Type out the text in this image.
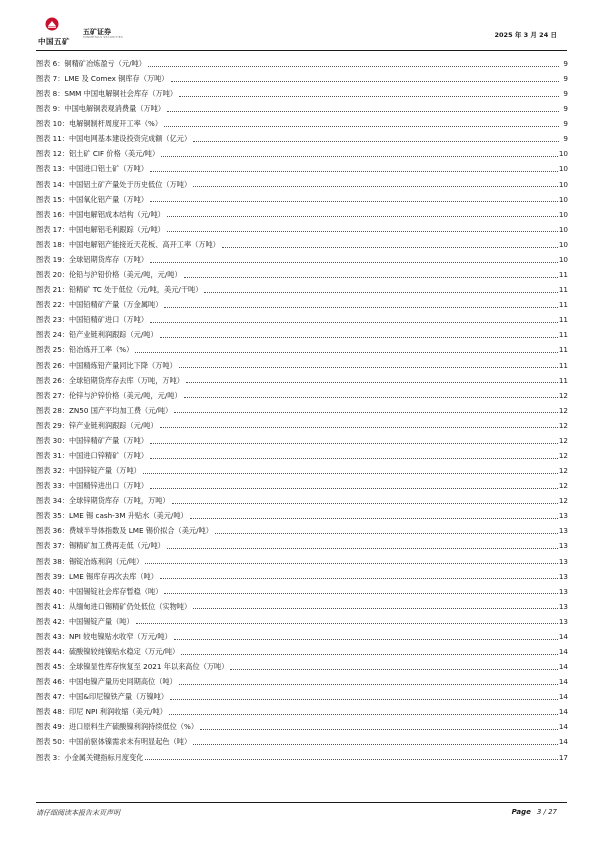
中国五矿
五矿证券
MINMETALS SECURITIES	2025 年 3 月 24 日
图表 6：铜精矿冶炼盈亏（元/吨）	9
图表 7：LME 及 Comex 铜库存（万吨）	9
图表 8：SMM 中国电解铜社会库存（万吨）	9
图表 9：中国电解铜表观消费量（万吨）	9
图表 10：电解铜制杆周度开工率（%）	9
图表 11：中国电网基本建设投资完成额（亿元）	9
图表 12：铝土矿 CIF 价格（美元/吨）	10
图表 13：中国进口铝土矿（万吨）	10
图表 14：中国铝土矿产量处于历史低位（万吨）	10
图表 15：中国氧化铝产量（万吨）	10
图表 16：中国电解铝成本结构（元/吨）	10
图表 17：中国电解铝毛利跟踪（元/吨）	10
图表 18：中国电解铝产能接近天花板、高开工率（万吨）	10
图表 19：全球铝期货库存（万吨）	10
图表 20：伦铅与沪铅价格（美元/吨，元/吨）	11
图表 21：铅精矿 TC 处于低位（元/吨，美元/干吨）	11
图表 22：中国铅精矿产量（万金属吨）	11
图表 23：中国铅精矿进口（万吨）	11
图表 24：铅产业链利润跟踪（元/吨）	11
图表 25：铅冶炼开工率（%）	11
图表 26：中国精炼铅产量同比下降（万吨）	11
图表 26：全球铅期货库存去库（万吨，万吨）	11
图表 27：伦锌与沪锌价格（美元/吨，元/吨）	12
图表 28：ZN50 国产平均加工费（元/吨）	12
图表 29：锌产业链利润跟踪（元/吨）	12
图表 30：中国锌精矿产量（万吨）	12
图表 31：中国进口锌精矿（万吨）	12
图表 32：中国锌锭产量（万吨）	12
图表 33：中国精锌进出口（万吨）	12
图表 34：全球锌期货库存（万吨，万吨）	12
图表 35：LME 锡 cash-3M 升贴水（美元/吨）	13
图表 36：费城半导体指数及 LME 锡价拟合（美元/吨）	13
图表 37：锡精矿加工费再走低（元/吨）	13
图表 38：锡锭冶炼利润（元/吨）	13
图表 39：LME 锡库存再次去库（吨）	13
图表 40：中国锡锭社会库存暂稳（吨）	13
图表 41：从缅甸进口锡精矿仍处低位（实物吨）	13
图表 42：中国锡锭产量（吨）	13
图表 43：NPI 较电镍贴水收窄（万元/吨）	14
图表 44：硫酸镍较纯镍贴水稳定（万元/吨）	14
图表 45：全球镍显性库存恢复至 2021 年以来高位（万吨）	14
图表 46：中国电镍产量历史同期高位（吨）	14
图表 47：中国&印尼镍铁产量（万镍吨）	14
图表 48：印尼 NPI 利润收缩（美元/吨）	14
图表 49：进口原料生产硫酸镍利润持续低位（%）	14
图表 50：中国前驱体镍需求未有明显起色（吨）	14
图表 3：小金属关键指标月度变化	17
请仔细阅读本报告末页声明	Page 3 / 27
